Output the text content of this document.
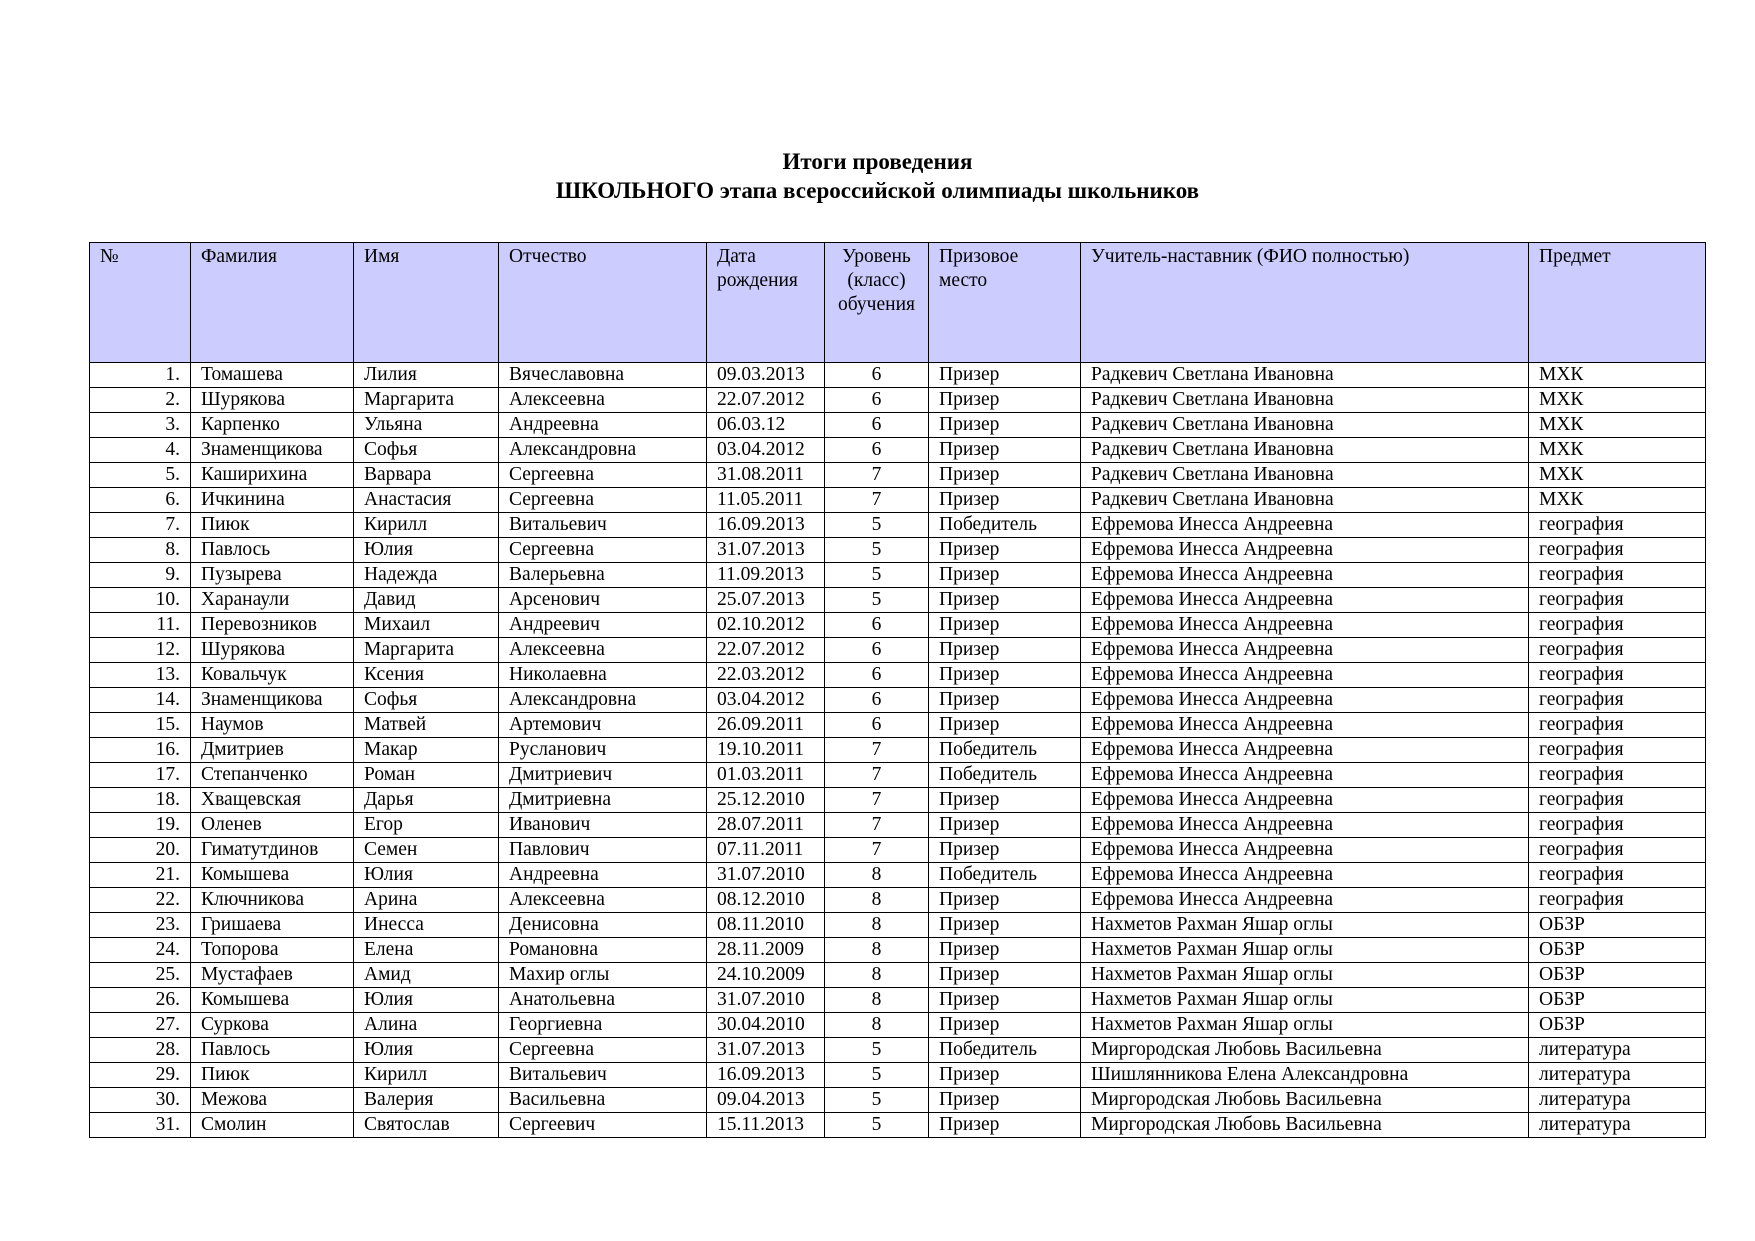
Итоги проведения
ШКОЛЬНОГО этапа всероссийской олимпиады школьников
№	Фамилия	Имя	Отчество	Дата рождения	Уровень (класс) обучения	Призовое место	Учитель-наставник (ФИО полностью)	Предмет
1.	Томашева	Лилия	Вячеславовна	09.03.2013	6	Призер	Радкевич Светлана Ивановна	МХК
2.	Шурякова	Маргарита	Алексеевна	22.07.2012	6	Призер	Радкевич Светлана Ивановна	МХК
3.	Карпенко	Ульяна	Андреевна	06.03.12	6	Призер	Радкевич Светлана Ивановна	МХК
4.	Знаменщикова	Софья	Александровна	03.04.2012	6	Призер	Радкевич Светлана Ивановна	МХК
5.	Каширихина	Варвара	Сергеевна	31.08.2011	7	Призер	Радкевич Светлана Ивановна	МХК
6.	Ичкинина	Анастасия	Сергеевна	11.05.2011	7	Призер	Радкевич Светлана Ивановна	МХК
7.	Пиюк	Кирилл	Витальевич	16.09.2013	5	Победитель	Ефремова Инесса Андреевна	география
8.	Павлось	Юлия	Сергеевна	31.07.2013	5	Призер	Ефремова Инесса Андреевна	география
9.	Пузырева	Надежда	Валерьевна	11.09.2013	5	Призер	Ефремова Инесса Андреевна	география
10.	Харанаули	Давид	Арсенович	25.07.2013	5	Призер	Ефремова Инесса Андреевна	география
11.	Перевозников	Михаил	Андреевич	02.10.2012	6	Призер	Ефремова Инесса Андреевна	география
12.	Шурякова	Маргарита	Алексеевна	22.07.2012	6	Призер	Ефремова Инесса Андреевна	география
13.	Ковальчук	Ксения	Николаевна	22.03.2012	6	Призер	Ефремова Инесса Андреевна	география
14.	Знаменщикова	Софья	Александровна	03.04.2012	6	Призер	Ефремова Инесса Андреевна	география
15.	Наумов	Матвей	Артемович	26.09.2011	6	Призер	Ефремова Инесса Андреевна	география
16.	Дмитриев	Макар	Русланович	19.10.2011	7	Победитель	Ефремова Инесса Андреевна	география
17.	Степанченко	Роман	Дмитриевич	01.03.2011	7	Победитель	Ефремова Инесса Андреевна	география
18.	Хващевская	Дарья	Дмитриевна	25.12.2010	7	Призер	Ефремова Инесса Андреевна	география
19.	Оленев	Егор	Иванович	28.07.2011	7	Призер	Ефремова Инесса Андреевна	география
20.	Гиматутдинов	Семен	Павлович	07.11.2011	7	Призер	Ефремова Инесса Андреевна	география
21.	Комышева	Юлия	Андреевна	31.07.2010	8	Победитель	Ефремова Инесса Андреевна	география
22.	Ключникова	Арина	Алексеевна	08.12.2010	8	Призер	Ефремова Инесса Андреевна	география
23.	Гришаева	Инесса	Денисовна	08.11.2010	8	Призер	Нахметов Рахман Яшар оглы	ОБЗР
24.	Топорова	Елена	Романовна	28.11.2009	8	Призер	Нахметов Рахман Яшар оглы	ОБЗР
25.	Мустафаев	Амид	Махир оглы	24.10.2009	8	Призер	Нахметов Рахман Яшар оглы	ОБЗР
26.	Комышева	Юлия	Анатольевна	31.07.2010	8	Призер	Нахметов Рахман Яшар оглы	ОБЗР
27.	Суркова	Алина	Георгиевна	30.04.2010	8	Призер	Нахметов Рахман Яшар оглы	ОБЗР
28.	Павлось	Юлия	Сергеевна	31.07.2013	5	Победитель	Миргородская Любовь Васильевна	литература
29.	Пиюк	Кирилл	Витальевич	16.09.2013	5	Призер	Шишлянникова Елена Александровна	литература
30.	Межова	Валерия	Васильевна	09.04.2013	5	Призер	Миргородская Любовь Васильевна	литература
31.	Смолин	Святослав	Сергеевич	15.11.2013	5	Призер	Миргородская Любовь Васильевна	литература
